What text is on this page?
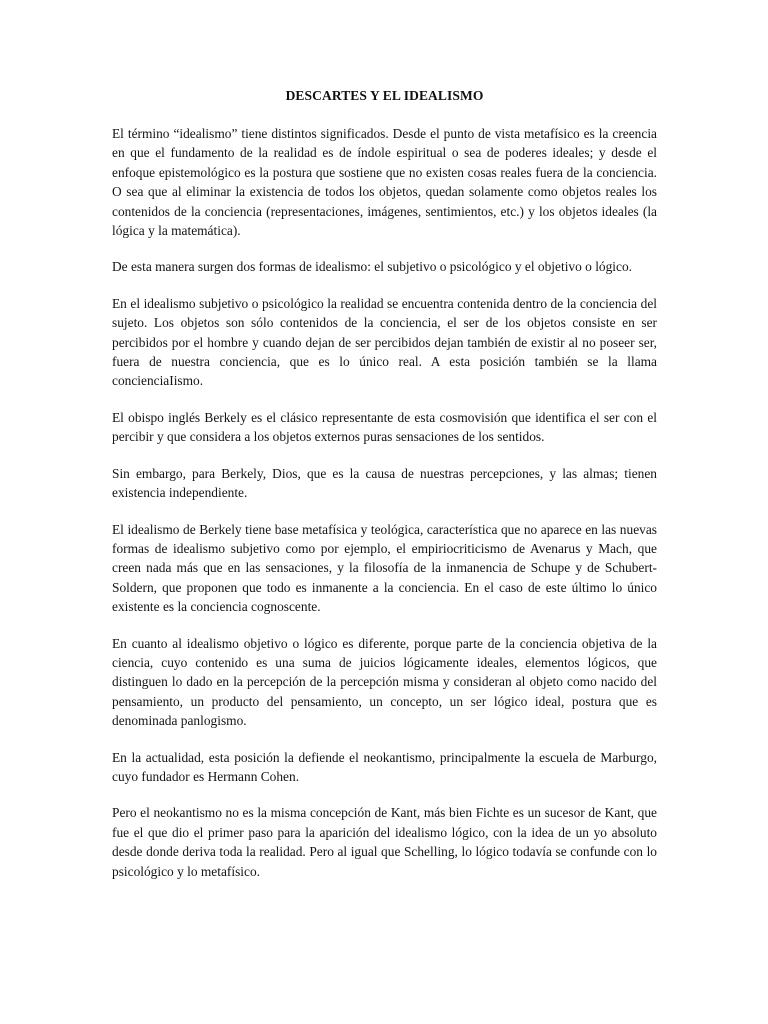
DESCARTES Y EL IDEALISMO

El término “idealismo” tiene distintos significados. Desde el punto de vista metafísico es la creencia en que el fundamento de la realidad es de índole espiritual o sea de poderes ideales; y desde el enfoque epistemológico es la postura que sostiene que no existen cosas reales fuera de la conciencia. O sea que al eliminar la existencia de todos los objetos, quedan solamente como objetos reales los contenidos de la conciencia (representaciones, imágenes, sentimientos, etc.) y los objetos ideales (la lógica y la matemática).

De esta manera surgen dos formas de idealismo: el subjetivo o psicológico y el objetivo o lógico.

En el idealismo subjetivo o psicológico la realidad se encuentra contenida dentro de la conciencia del sujeto. Los objetos son sólo contenidos de la conciencia, el ser de los objetos consiste en ser percibidos por el hombre y cuando dejan de ser percibidos dejan también de existir al no poseer ser, fuera de nuestra conciencia, que es lo único real. A esta posición también se la llama concienciaIismo.

El obispo inglés Berkely es el clásico representante de esta cosmovisión que identifica el ser con el percibir y que considera a los objetos externos puras sensaciones de los sentidos.

Sin embargo, para Berkely, Dios, que es la causa de nuestras percepciones, y las almas; tienen existencia independiente.

El idealismo de Berkely tiene base metafísica y teológica, característica que no aparece en las nuevas formas de idealismo subjetivo como por ejemplo, el empiriocriticismo de Avenarus y Mach, que creen nada más que en las sensaciones, y la filosofía de la inmanencia de Schupe y de Schubert-Soldern, que proponen que todo es inmanente a la conciencia. En el caso de este último lo único existente es la conciencia cognoscente.

En cuanto al idealismo objetivo o lógico es diferente, porque parte de la conciencia objetiva de la ciencia, cuyo contenido es una suma de juicios lógicamente ideales, elementos lógicos, que distinguen lo dado en la percepción de la percepción misma y consideran al objeto como nacido del pensamiento, un producto del pensamiento, un concepto, un ser lógico ideal, postura que es denominada panlogismo.

En la actualidad, esta posición la defiende el neokantismo, principalmente la escuela de Marburgo, cuyo fundador es Hermann Cohen.

Pero el neokantismo no es la misma concepción de Kant, más bien Fichte es un sucesor de Kant, que fue el que dio el primer paso para la aparición del idealismo lógico, con la idea de un yo absoluto desde donde deriva toda la realidad. Pero al igual que Schelling, lo lógico todavía se confunde con lo psicológico y lo metafísico.
